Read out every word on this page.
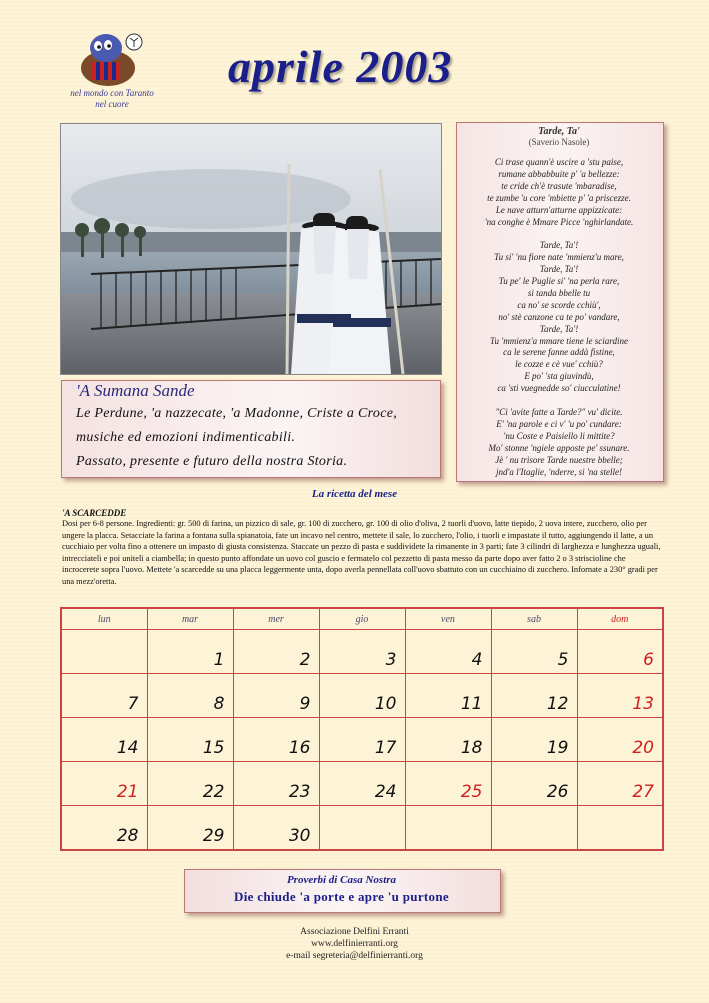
nel mondo con Taranto
nel cuore
aprile 2003
Tarde, Ta'
(Saverio Nasole)
Ci trase quann'è uscire a 'stu paise,
rumane abbabbuite p' 'a bellezze:
te cride ch'è trasute 'mbaradise,
te zumbe 'u core 'mbiette p' 'a priscezze.
Le nave atturn'atturne appizzicate:
'na conghe è Mmare Picce 'nghirlandate.
Tarde, Ta'!
Tu si' 'nu fiore nate 'mmienz'u mare,
Tarde, Ta'!
Tu pe' le Puglie si' 'na perla rare,
si tanda bbelle tu
ca no' se scorde cchiù',
no' stè canzone ca te po' vandare,
Tarde, Ta'!
Tu 'mmienz'a mmare tiene le sciardine
ca le serene fanne addà fistine,
le cozze e cè vue' cchiù?
E po' 'sta giuvindù,
ca 'sti vuegnedde so' ciucculatine!
"Ci 'avite fatte a Tarde?" vu' dicite.
E' 'na parole e ci v' 'u po' cundare:
'nu Coste e Paisiello li mittite?
Mo' stonne 'ngiele apposte pe' ssunare.
Jè ' nu trisore Tarde nuestre bbelle;
jnd'a l'Itaglie, 'nderre, si 'na stelle!
'A Sumana Sande
Le Perdune, 'a nazzecate, 'a Madonne, Criste a Croce,
musiche ed emozioni indimenticabili.
Passato, presente e futuro della nostra Storia.
La ricetta del mese
'A SCARCEDDE
Dosi per 6-8 persone. Ingredienti: gr. 500 di farina, un pizzico di sale, gr. 100 di zucchero, gr. 100 di olio d'oliva, 2 tuorli d'uovo, latte tiepido, 2 uova intere, zucchero, olio per ungere la placca. Setacciate la farina a fontana sulla spianatoia, fate un incavo nel centro, mettete il sale, lo zucchero, l'olio, i tuorli e impastate il tutto, aggiungendo il latte, a un cucchiaio per volta fino a ottenere un impasto di giusta consistenza. Staccate un pezzo di pasta e suddividete la rimanente in 3 parti; fate 3 cilindri di larghezza e lunghezza uguali, intrecciateli e poi uniteli a ciambella; in questo punto affondate un uovo col guscio e fermatelo col pezzetto di pasta messo da parte dopo aver fatto 2 o 3 striscioline che incrocerete sopra l'uovo. Mettete 'a scarcedde su una placca leggermente unta, dopo averla pennellata coll'uovo sbattuto con un cucchiaino di zucchero. Infornate a 230° gradi per una mezz'oretta.
lun	mar	mer	gio	ven	sab	dom
	1	2	3	4	5	6
7	8	9	10	11	12	13
14	15	16	17	18	19	20
21	22	23	24	25	26	27
28	29	30				
Proverbi di Casa Nostra
Die chiude 'a porte e apre 'u purtone
Associazione Delfini Erranti
www.delfinierranti.org
e-mail segreteria@delfinierranti.org
